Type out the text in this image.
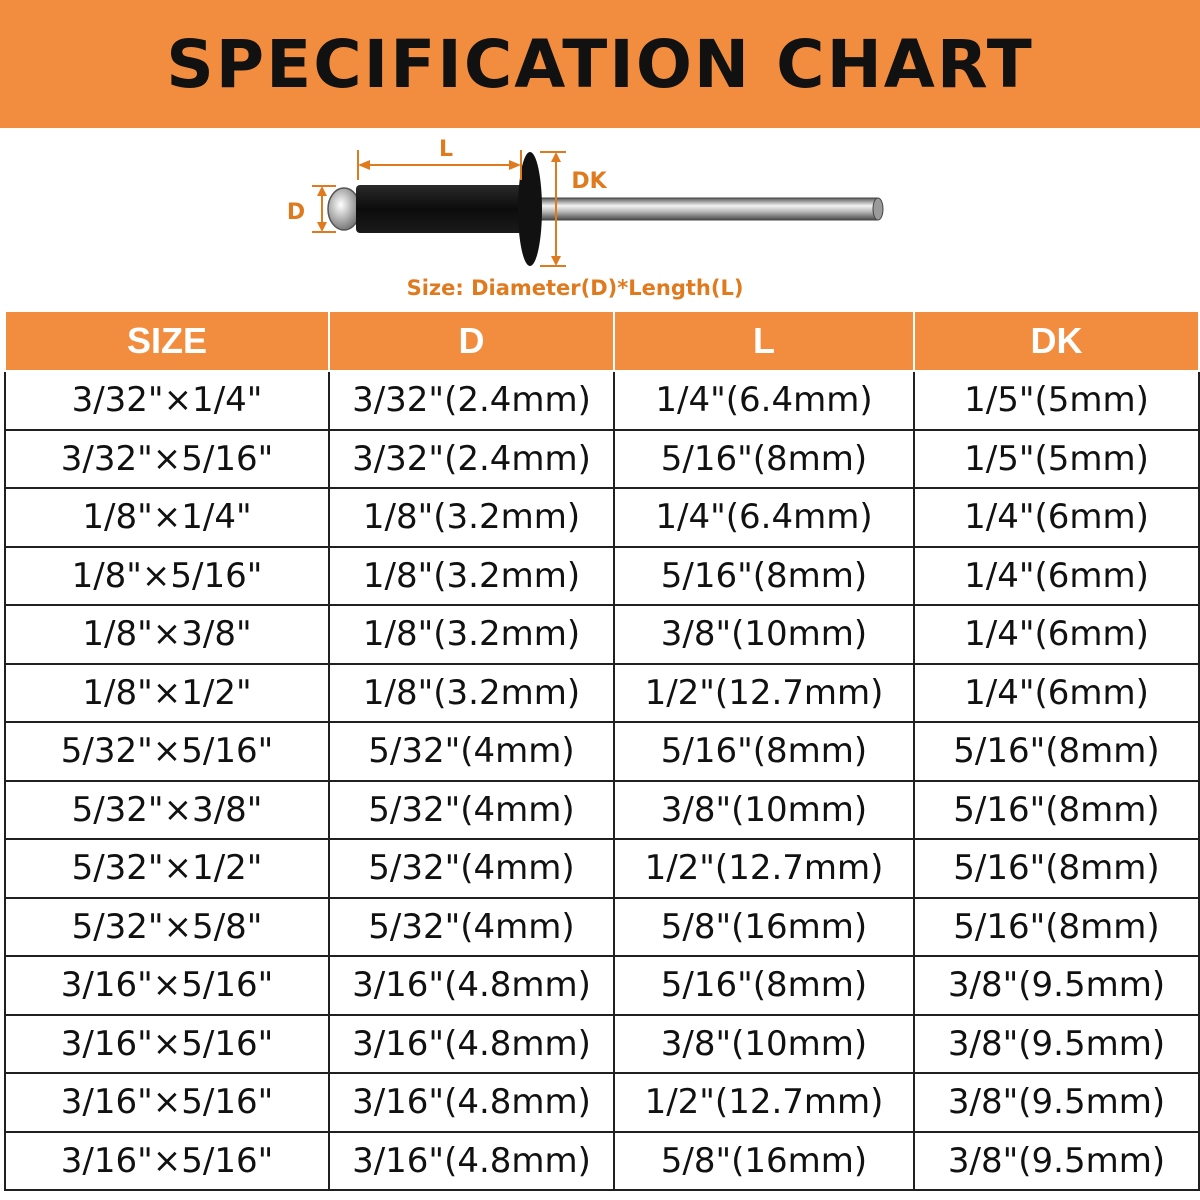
SPECIFICATION CHART
L
D
DK
Size: Diameter(D)*Length(L)
SIZE	D	L	DK
3/32"×1/4"	3/32"(2.4mm)	1/4"(6.4mm)	1/5"(5mm)
3/32"×5/16"	3/32"(2.4mm)	5/16"(8mm)	1/5"(5mm)
1/8"×1/4"	1/8"(3.2mm)	1/4"(6.4mm)	1/4"(6mm)
1/8"×5/16"	1/8"(3.2mm)	5/16"(8mm)	1/4"(6mm)
1/8"×3/8"	1/8"(3.2mm)	3/8"(10mm)	1/4"(6mm)
1/8"×1/2"	1/8"(3.2mm)	1/2"(12.7mm)	1/4"(6mm)
5/32"×5/16"	5/32"(4mm)	5/16"(8mm)	5/16"(8mm)
5/32"×3/8"	5/32"(4mm)	3/8"(10mm)	5/16"(8mm)
5/32"×1/2"	5/32"(4mm)	1/2"(12.7mm)	5/16"(8mm)
5/32"×5/8"	5/32"(4mm)	5/8"(16mm)	5/16"(8mm)
3/16"×5/16"	3/16"(4.8mm)	5/16"(8mm)	3/8"(9.5mm)
3/16"×5/16"	3/16"(4.8mm)	3/8"(10mm)	3/8"(9.5mm)
3/16"×5/16"	3/16"(4.8mm)	1/2"(12.7mm)	3/8"(9.5mm)
3/16"×5/16"	3/16"(4.8mm)	5/8"(16mm)	3/8"(9.5mm)
